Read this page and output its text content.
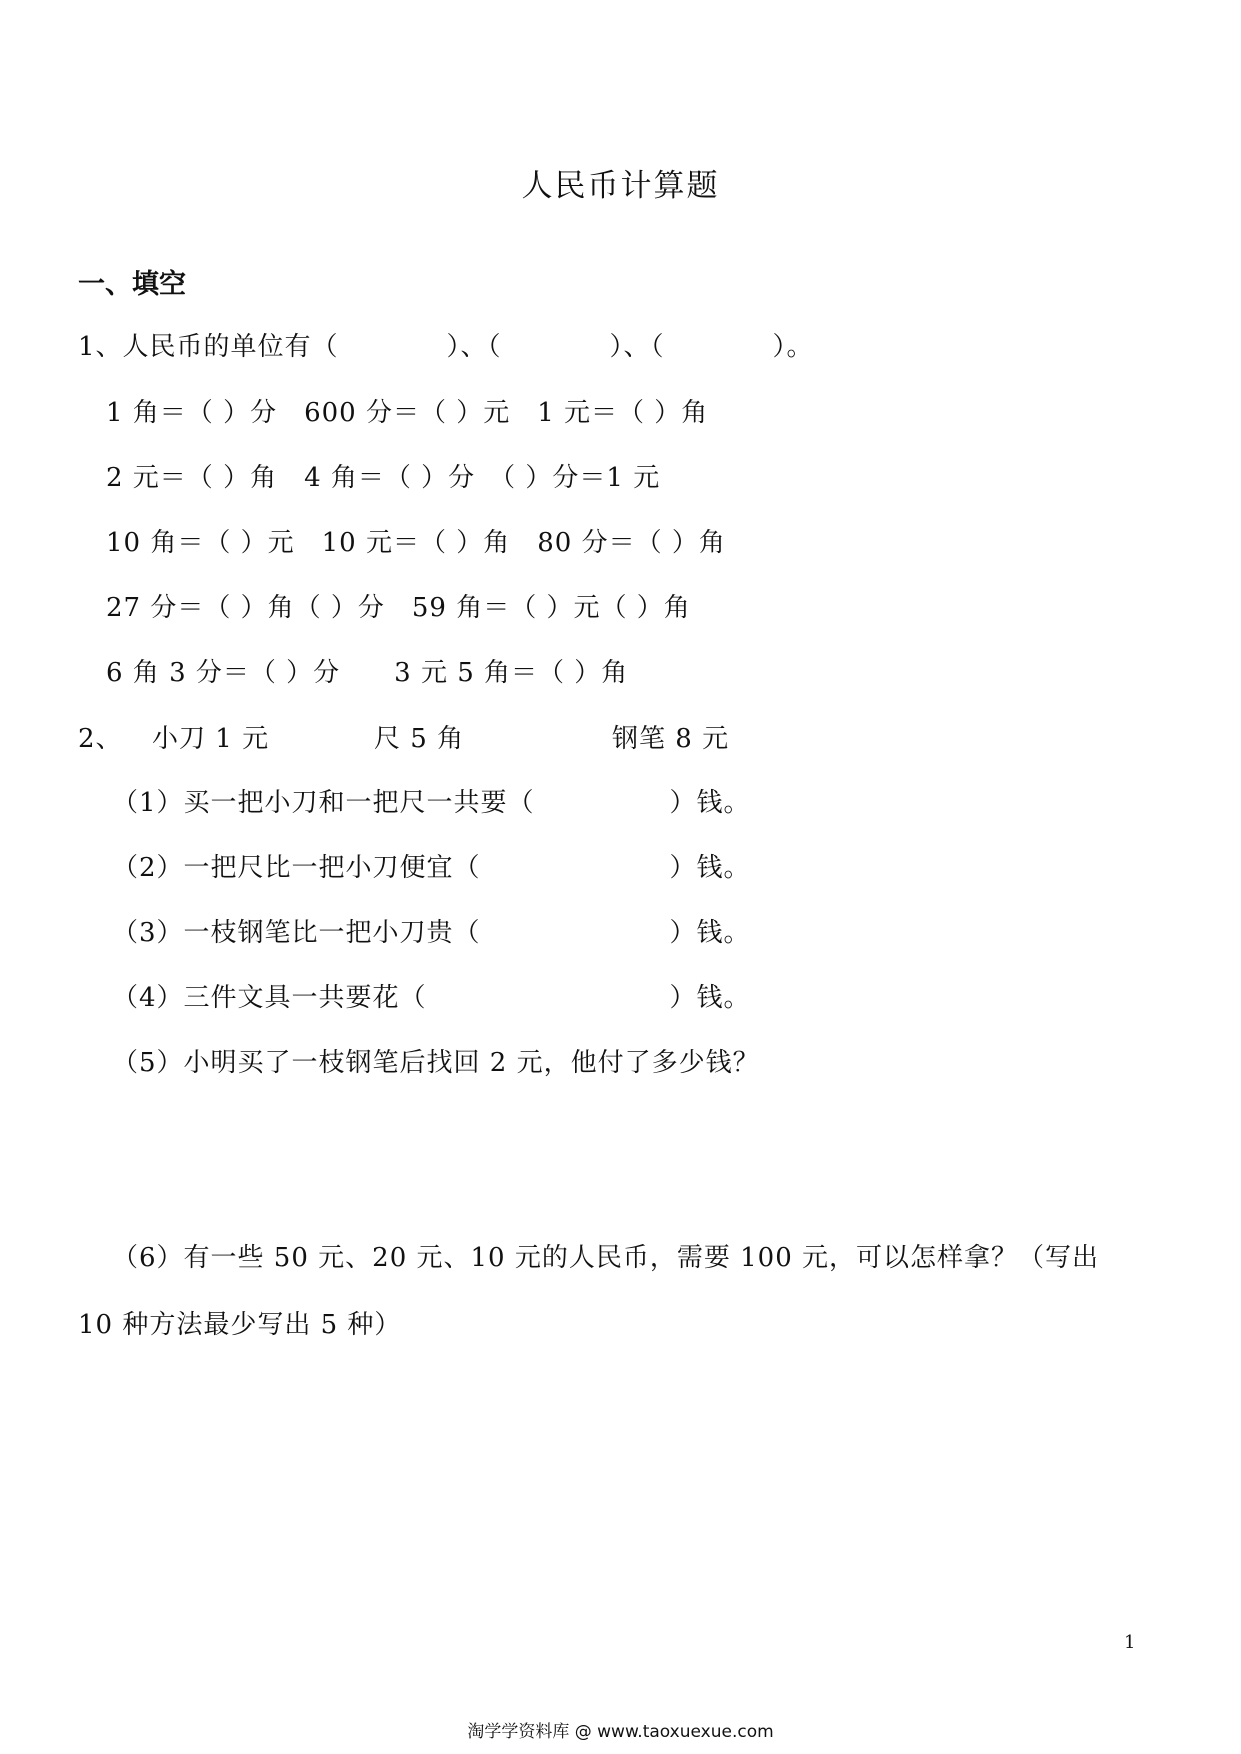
人民币计算题
一、填空
1、人民币的单位有（　　　　）、（　　　　）、（　　　　）。
1 角＝（ ）分　600 分＝（ ）元　1 元＝（ ）角
2 元＝（ ）角　4 角＝（ ）分　（ ）分＝1 元
10 角＝（ ）元　10 元＝（ ）角　80 分＝（ ）角
27 分＝（ ）角（ ）分　59 角＝（ ）元（ ）角
6 角 3 分＝（ ）分　　3 元 5 角＝（ ）角
2、 小刀 1 元	尺 5 角	钢笔 8 元
（1）买一把小刀和一把尺一共要（　　　　　）钱。
（2）一把尺比一把小刀便宜（　　　　　　　）钱。
（3）一枝钢笔比一把小刀贵（　　　　　　　）钱。
（4）三件文具一共要花（　　　　　　　　　）钱。
（5）小明买了一枝钢笔后找回 2 元，他付了多少钱？
（6）有一些 50 元、20 元、10 元的人民币，需要 100 元，可以怎样拿？（写出
10 种方法最少写出 5 种）
1
淘学学资料库 @ www.taoxuexue.com
